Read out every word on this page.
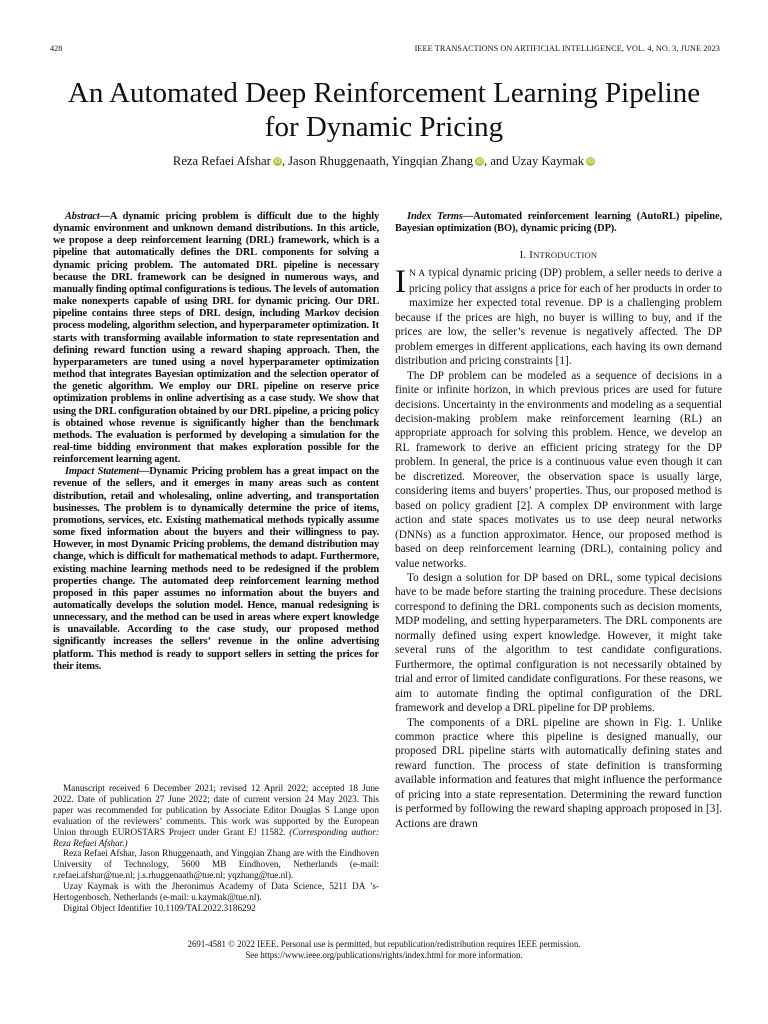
428	IEEE TRANSACTIONS ON ARTIFICIAL INTELLIGENCE, VOL. 4, NO. 3, JUNE 2023
An Automated Deep Reinforcement Learning Pipeline for Dynamic Pricing
Reza Refaei Afshar iD, Jason Rhuggenaath, Yingqian Zhang iD, and Uzay Kaymak iD

Abstract—A dynamic pricing problem is difficult due to the highly dynamic environment and unknown demand distributions. In this article, we propose a deep reinforcement learning (DRL) framework, which is a pipeline that automatically defines the DRL components for solving a dynamic pricing problem. The automated DRL pipeline is necessary because the DRL framework can be designed in numerous ways, and manually finding optimal configurations is tedious. The levels of automation make nonexperts capable of using DRL for dynamic pricing. Our DRL pipeline contains three steps of DRL design, including Markov decision process modeling, algorithm selection, and hyperparameter optimization. It starts with transforming available information to state representation and defining reward function using a reward shaping approach. Then, the hyperparameters are tuned using a novel hyperparameter optimization method that integrates Bayesian optimization and the selection operator of the genetic algorithm. We employ our DRL pipeline on reserve price optimization problems in online advertising as a case study. We show that using the DRL configuration obtained by our DRL pipeline, a pricing policy is obtained whose revenue is significantly higher than the benchmark methods. The evaluation is performed by developing a simulation for the real-time bidding environment that makes exploration possible for the reinforcement learning agent.

Impact Statement—Dynamic Pricing problem has a great impact on the revenue of the sellers, and it emerges in many areas such as content distribution, retail and wholesaling, online adverting, and transportation businesses. The problem is to dynamically determine the price of items, promotions, services, etc. Existing mathematical methods typically assume some fixed information about the buyers and their willingness to pay. However, in most Dynamic Pricing problems, the demand distribution may change, which is difficult for mathematical methods to adapt. Furthermore, existing machine learning methods need to be redesigned if the problem properties change. The automated deep reinforcement learning method proposed in this paper assumes no information about the buyers and automatically develops the solution model. Hence, manual redesigning is unnecessary, and the method can be used in areas where expert knowledge is unavailable. According to the case study, our proposed method significantly increases the sellers’ revenue in the online advertising platform. This method is ready to support sellers in setting the prices for their items.

Manuscript received 6 December 2021; revised 12 April 2022; accepted 18 June 2022. Date of publication 27 June 2022; date of current version 24 May 2023. This paper was recommended for publication by Associate Editor Douglas S Lange upon evaluation of the reviewers’ comments. This work was supported by the European Union through EUROSTARS Project under Grant E! 11582. (Corresponding author: Reza Refaei Afshar.)

Reza Refaei Afshar, Jason Rhuggenaath, and Yingqian Zhang are with the Eindhoven University of Technology, 5600 MB Eindhoven, Netherlands (e-mail: r.refaei.afshar@tue.nl; j.s.rhuggenaath@tue.nl; yqzhang@tue.nl).

Uzay Kaymak is with the Jheronimus Academy of Data Science, 5211 DA ’s-Hertogenbosch, Netherlands (e-mail: u.kaymak@tue.nl).

Digital Object Identifier 10.1109/TAI.2022.3186292

Index Terms—Automated reinforcement learning (AutoRL) pipeline, Bayesian optimization (BO), dynamic pricing (DP).

I. INTRODUCTION

I N A typical dynamic pricing (DP) problem, a seller needs to derive a pricing policy that assigns a price for each of her products in order to maximize her expected total revenue. DP is a challenging problem because if the prices are high, no buyer is willing to buy, and if the prices are low, the seller’s revenue is negatively affected. The DP problem emerges in different applications, each having its own demand distribution and pricing constraints [1].

The DP problem can be modeled as a sequence of decisions in a finite or infinite horizon, in which previous prices are used for future decisions. Uncertainty in the environments and modeling as a sequential decision-making problem make reinforcement learning (RL) an appropriate approach for solving this problem. Hence, we develop an RL framework to derive an efficient pricing strategy for the DP problem. In general, the price is a continuous value even though it can be discretized. Moreover, the observation space is usually large, considering items and buyers’ properties. Thus, our proposed method is based on policy gradient [2]. A complex DP environment with large action and state spaces motivates us to use deep neural networks (DNNs) as a function approximator. Hence, our proposed method is based on deep reinforcement learning (DRL), containing policy and value networks.

To design a solution for DP based on DRL, some typical decisions have to be made before starting the training procedure. These decisions correspond to defining the DRL components such as decision moments, MDP modeling, and setting hyperparameters. The DRL components are normally defined using expert knowledge. However, it might take several runs of the algorithm to test candidate configurations. Furthermore, the optimal configuration is not necessarily obtained by trial and error of limited candidate configurations. For these reasons, we aim to automate finding the optimal configuration of the DRL framework and develop a DRL pipeline for DP problems.

The components of a DRL pipeline are shown in Fig. 1. Unlike common practice where this pipeline is designed manually, our proposed DRL pipeline starts with automatically defining states and reward function. The process of state definition is transforming available information and features that might influence the performance of pricing into a state representation. Determining the reward function is performed by following the reward shaping approach proposed in [3]. Actions are drawn

2691-4581 © 2022 IEEE. Personal use is permitted, but republication/redistribution requires IEEE permission.
See https://www.ieee.org/publications/rights/index.html for more information.
